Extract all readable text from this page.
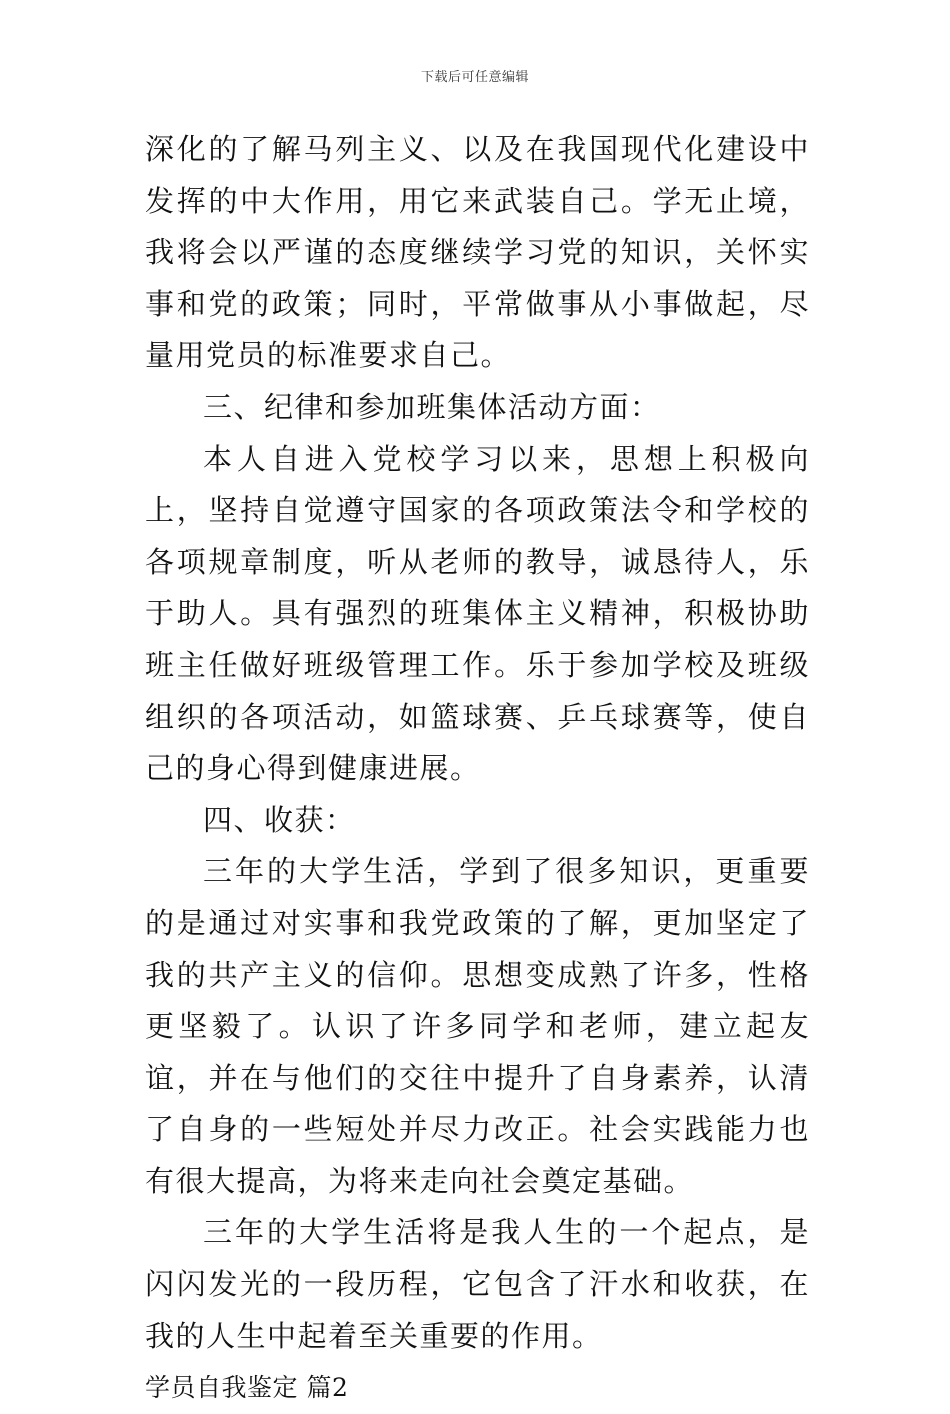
下载后可任意编辑

深化的了解马列主义、以及在我国现代化建设中发挥的中大作用，用它来武装自己。学无止境，我将会以严谨的态度继续学习党的知识，关怀实事和党的政策；同时，平常做事从小事做起，尽量用党员的标准要求自己。

三、纪律和参加班集体活动方面：

本人自进入党校学习以来，思想上积极向上，坚持自觉遵守国家的各项政策法令和学校的各项规章制度，听从老师的教导，诚恳待人，乐于助人。具有强烈的班集体主义精神，积极协助班主任做好班级管理工作。乐于参加学校及班级组织的各项活动，如篮球赛、乒乓球赛等，使自己的身心得到健康进展。

四、收获：

三年的大学生活，学到了很多知识，更重要的是通过对实事和我党政策的了解，更加坚定了我的共产主义的信仰。思想变成熟了许多，性格更坚毅了。认识了许多同学和老师，建立起友谊，并在与他们的交往中提升了自身素养，认清了自身的一些短处并尽力改正。社会实践能力也有很大提高，为将来走向社会奠定基础。

三年的大学生活将是我人生的一个起点，是闪闪发光的一段历程，它包含了汗水和收获，在我的人生中起着至关重要的作用。

学员自我鉴定 篇2
